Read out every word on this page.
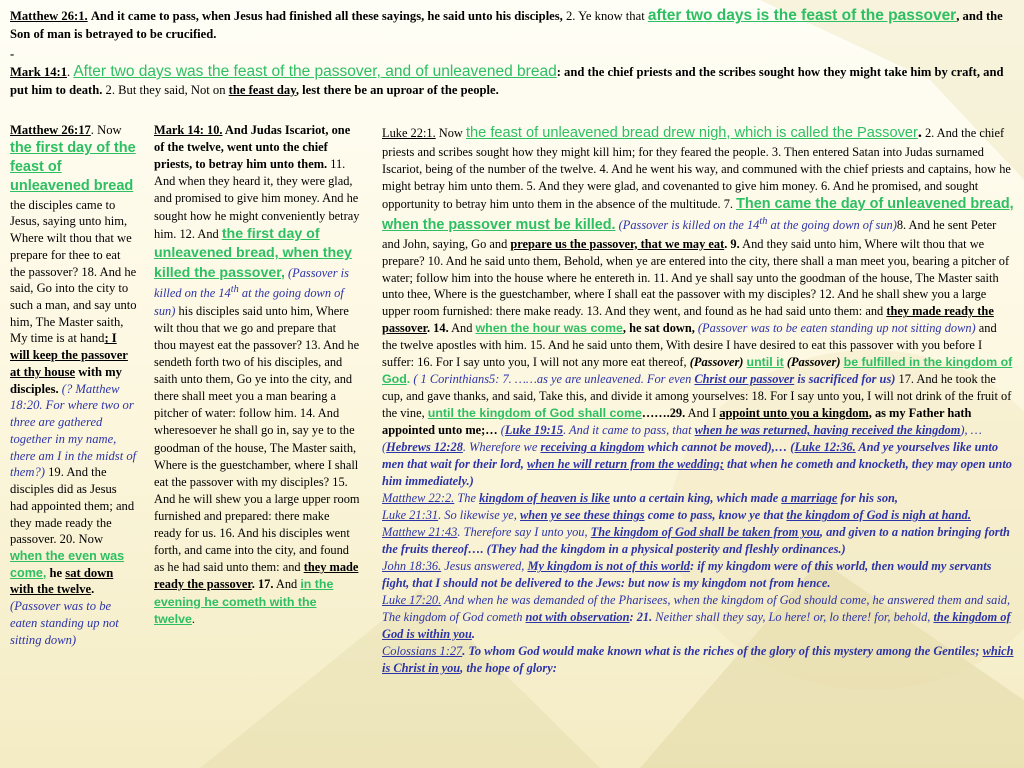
Matthew 26:1. And it came to pass, when Jesus had finished all these sayings, he said unto his disciples, 2. Ye know that after two days is the feast of the passover, and the Son of man is betrayed to be crucified.
-
Mark 14:1. After two days was the feast of the passover, and of unleavened bread: and the chief priests and the scribes sought how they might take him by craft, and put him to death. 2. But they said, Not on the feast day, lest there be an uproar of the people.
Matthew 26:17. Now the first day of the feast of unleavened bread the disciples came to Jesus, saying unto him, Where wilt thou that we prepare for thee to eat the passover? 18. And he said, Go into the city to such a man, and say unto him, The Master saith, My time is at hand; I will keep the passover at thy house with my disciples. (? Matthew 18:20. For where two or three are gathered together in my name, there am I in the midst of them?) 19. And the disciples did as Jesus had appointed them; and they made ready the passover. 20. Now when the even was come, he sat down with the twelve. (Passover was to be eaten standing up not sitting down)
Mark 14: 10. And Judas Iscariot, one of the twelve, went unto the chief priests, to betray him unto them. 11. And when they heard it, they were glad, and promised to give him money. And he sought how he might conveniently betray him. 12. And the first day of unleavened bread, when they killed the passover, (Passover is killed on the 14th at the going down of sun) his disciples said unto him, Where wilt thou that we go and prepare that thou mayest eat the passover? 13. And he sendeth forth two of his disciples, and saith unto them, Go ye into the city, and there shall meet you a man bearing a pitcher of water: follow him. 14. And wheresoever he shall go in, say ye to the goodman of the house, The Master saith, Where is the guestchamber, where I shall eat the passover with my disciples? 15. And he will shew you a large upper room furnished and prepared: there make ready for us. 16. And his disciples went forth, and came into the city, and found as he had said unto them: and they made ready the passover. 17. And in the evening he cometh with the twelve.
Luke 22:1. Now the feast of unleavened bread drew nigh, which is called the Passover. 2. And the chief priests and scribes sought how they might kill him; for they feared the people. 3. Then entered Satan into Judas surnamed Iscariot, being of the number of the twelve. 4. And he went his way, and communed with the chief priests and captains, how he might betray him unto them. 5. And they were glad, and covenanted to give him money. 6. And he promised, and sought opportunity to betray him unto them in the absence of the multitude. 7. Then came the day of unleavened bread, when the passover must be killed. (Passover is killed on the 14th at the going down of sun)8. And he sent Peter and John, saying, Go and prepare us the passover, that we may eat. 9. And they said unto him, Where wilt thou that we prepare? 10. And he said unto them, Behold, when ye are entered into the city, there shall a man meet you, bearing a pitcher of water; follow him into the house where he entereth in. 11. And ye shall say unto the goodman of the house, The Master saith unto thee, Where is the guestchamber, where I shall eat the passover with my disciples? 12. And he shall shew you a large upper room furnished: there make ready. 13. And they went, and found as he had said unto them: and they made ready the passover. 14. And when the hour was come, he sat down, (Passover was to be eaten standing up not sitting down) and the twelve apostles with him. 15. And he said unto them, With desire I have desired to eat this passover with you before I suffer: 16. For I say unto you, I will not any more eat thereof, (Passover) until it (Passover) be fulfilled in the kingdom of God. ( 1 Corinthians5: 7. ……as ye are unleavened. For even Christ our passover is sacrificed for us) 17. And he took the cup, and gave thanks, and said, Take this, and divide it among yourselves: 18. For I say unto you, I will not drink of the fruit of the vine, until the kingdom of God shall come…….29. And I appoint unto you a kingdom, as my Father hath appointed unto me;… (Luke 19:15. And it came to pass, that when he was returned, having received the kingdom), …(Hebrews 12:28. Wherefore we receiving a kingdom which cannot be moved),… (Luke 12:36. And ye yourselves like unto men that wait for their lord, when he will return from the wedding; that when he cometh and knocketh, they may open unto him immediately.)
Matthew 22:2. The kingdom of heaven is like unto a certain king, which made a marriage for his son,
Luke 21:31. So likewise ye, when ye see these things come to pass, know ye that the kingdom of God is nigh at hand.
Matthew 21:43. Therefore say I unto you, The kingdom of God shall be taken from you, and given to a nation bringing forth the fruits thereof…. (They had the kingdom in a physical posterity and fleshly ordinances.)
John 18:36. Jesus answered, My kingdom is not of this world: if my kingdom were of this world, then would my servants fight, that I should not be delivered to the Jews: but now is my kingdom not from hence.
Luke 17:20. And when he was demanded of the Pharisees, when the kingdom of God should come, he answered them and said, The kingdom of God cometh not with observation: 21. Neither shall they say, Lo here! or, lo there! for, behold, the kingdom of God is within you.
Colossians 1:27. To whom God would make known what is the riches of the glory of this mystery among the Gentiles; which is Christ in you, the hope of glory:
